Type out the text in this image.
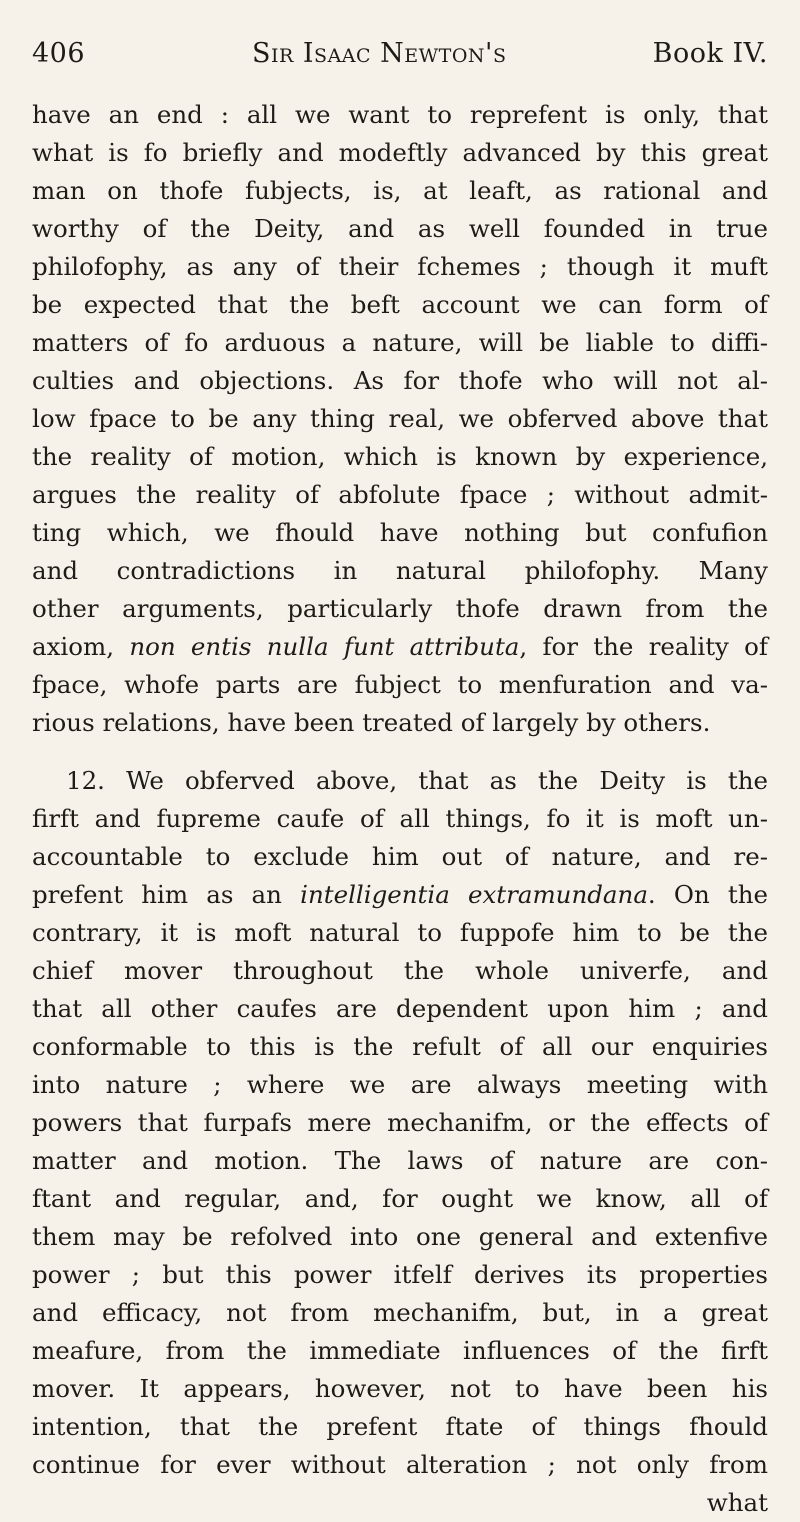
406	Sir Isaac Newton's	Book IV.
have an end : all we want to reprefent is only, that
what is fo briefly and modeftly advanced by this great
man on thofe fubjects, is, at leaft, as rational and
worthy of the Deity, and as well founded in true
philofophy, as any of their fchemes ; though it muft
be expected that the beft account we can form of
matters of fo arduous a nature, will be liable to diffi-
culties and objections. As for thofe who will not al-
low fpace to be any thing real, we obferved above that
the reality of motion, which is known by experience,
argues the reality of abfolute fpace ; without admit-
ting which, we fhould have nothing but confufion
and contradictions in natural philofophy. Many
other arguments, particularly thofe drawn from the
axiom, non entis nulla funt attributa, for the reality of
fpace, whofe parts are fubject to menfuration and va-
rious relations, have been treated of largely by others.
12. We obferved above, that as the Deity is the
firft and fupreme caufe of all things, fo it is moft un-
accountable to exclude him out of nature, and re-
prefent him as an intelligentia extramundana. On the
contrary, it is moft natural to fuppofe him to be the
chief mover throughout the whole univerfe, and
that all other caufes are dependent upon him ; and
conformable to this is the refult of all our enquiries
into nature ; where we are always meeting with
powers that furpafs mere mechanifm, or the effects of
matter and motion. The laws of nature are con-
ftant and regular, and, for ought we know, all of
them may be refolved into one general and extenfive
power ; but this power itfelf derives its properties
and efficacy, not from mechanifm, but, in a great
meafure, from the immediate influences of the firft
mover. It appears, however, not to have been his
intention, that the prefent ftate of things fhould
continue for ever without alteration ; not only from
what
